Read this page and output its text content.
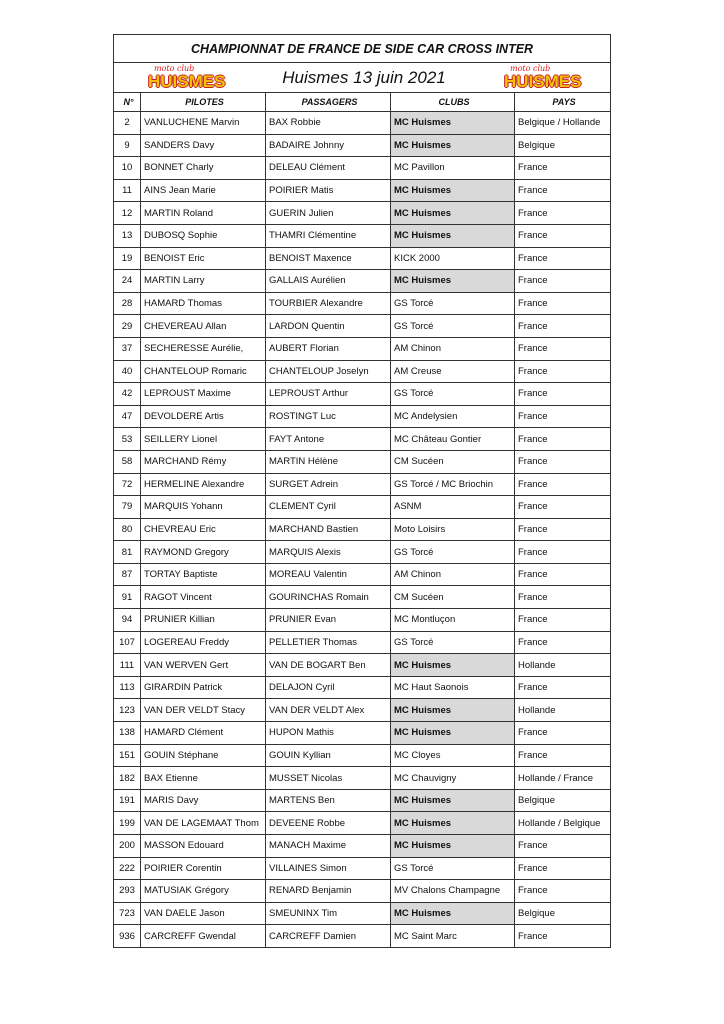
CHAMPIONNAT DE FRANCE DE SIDE CAR CROSS INTER				

moto club
HUISMES Huismes 13 juin 2021 moto club
HUISMES				

N°	PILOTES	PASSAGERS	CLUBS	PAYS
2	VANLUCHENE Marvin	BAX Robbie	MC Huismes	Belgique / Hollande
9	SANDERS Davy	BADAIRE Johnny	MC Huismes	Belgique
10	BONNET Charly	DELEAU Clément	MC Pavillon	France
11	AINS Jean Marie	POIRIER Matis	MC Huismes	France
12	MARTIN Roland	GUERIN Julien	MC Huismes	France
13	DUBOSQ Sophie	THAMRI Clémentine	MC Huismes	France
19	BENOIST Eric	BENOIST Maxence	KICK 2000	France
24	MARTIN Larry	GALLAIS Aurélien	MC Huismes	France
28	HAMARD Thomas	TOURBIER Alexandre	GS Torcé	France
29	CHEVEREAU Allan	LARDON Quentin	GS Torcé	France
37	SECHERESSE Aurélie,	AUBERT Florian	AM Chinon	France
40	CHANTELOUP Romaric	CHANTELOUP Joselyn	AM Creuse	France
42	LEPROUST Maxime	LEPROUST Arthur	GS Torcé	France
47	DEVOLDERE Artis	ROSTINGT Luc	MC Andelysien	France
53	SEILLERY Lionel	FAYT Antone	MC Château Gontier	France
58	MARCHAND Rémy	MARTIN Hélène	CM Sucéen	France
72	HERMELINE Alexandre	SURGET Adrein	GS Torcé / MC Briochin	France
79	MARQUIS Yohann	CLEMENT Cyril	ASNM	France
80	CHEVREAU Eric	MARCHAND Bastien	Moto Loisirs	France
81	RAYMOND Gregory	MARQUIS Alexis	GS Torcé	France
87	TORTAY Baptiste	MOREAU Valentin	AM Chinon	France
91	RAGOT Vincent	GOURINCHAS Romain	CM Sucéen	France
94	PRUNIER Killian	PRUNIER Evan	MC Montluçon	France
107	LOGEREAU Freddy	PELLETIER Thomas	GS Torcé	France
111	VAN WERVEN Gert	VAN DE BOGART Ben	MC Huismes	Hollande
113	GIRARDIN Patrick	DELAJON Cyril	MC Haut Saonois	France
123	VAN DER VELDT Stacy	VAN DER VELDT Alex	MC Huismes	Hollande
138	HAMARD Clément	HUPON Mathis	MC Huismes	France
151	GOUIN Stéphane	GOUIN Kyllian	MC Cloyes	France
182	BAX Etienne	MUSSET Nicolas	MC Chauvigny	Hollande / France
191	MARIS Davy	MARTENS Ben	MC Huismes	Belgique
199	VAN DE LAGEMAAT Thom	DEVEENE Robbe	MC Huismes	Hollande / Belgique
200	MASSON Edouard	MANACH Maxime	MC Huismes	France
222	POIRIER Corentin	VILLAINES Simon	GS Torcé	France
293	MATUSIAK Grégory	RENARD Benjamin	MV Chalons Champagne	France
723	VAN DAELE Jason	SMEUNINX Tim	MC Huismes	Belgique
936	CARCREFF Gwendal	CARCREFF Damien	MC Saint Marc	France
